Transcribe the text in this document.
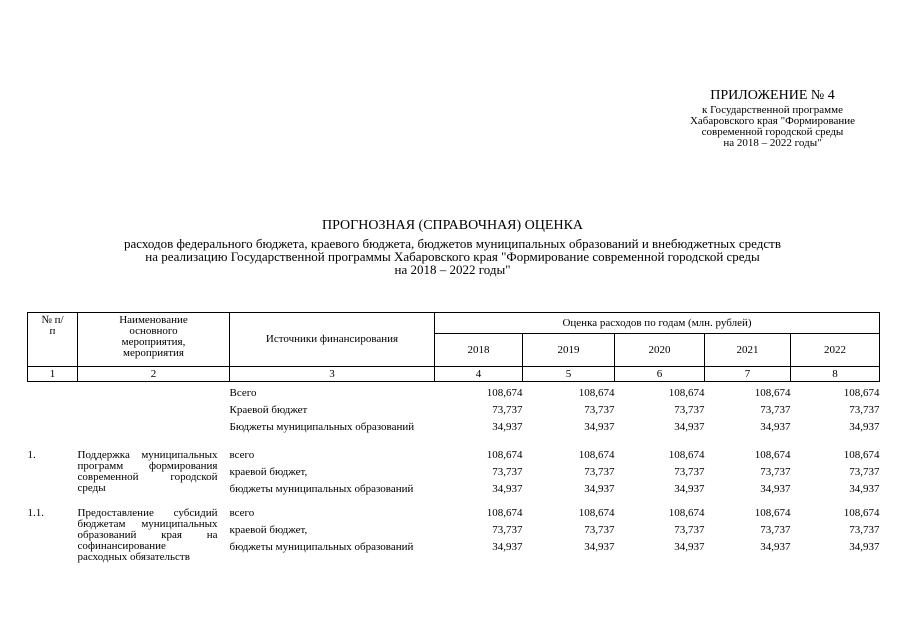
ПРИЛОЖЕНИЕ № 4
к Государственной программе
Хабаровского края "Формирование
современной городской среды
на 2018 – 2022 годы"
ПРОГНОЗНАЯ (СПРАВОЧНАЯ) ОЦЕНКА
расходов федерального бюджета, краевого бюджета, бюджетов муниципальных образований и внебюджетных средств
на реализацию Государственной программы Хабаровского края "Формирование современной городской среды
на 2018 – 2022 годы"
№ п/п	Наименование основного мероприятия, мероприятия	Источники финансирования	Оценка расходов по годам (млн. рублей)				
			2018	2019	2020	2021	2022
1	2	3	4	5	6	7	8
		Всего	108,674	108,674	108,674	108,674	108,674
		Краевой бюджет	73,737	73,737	73,737	73,737	73,737

		Бюджеты муниципальных образований	34,937	34,937	34,937	34,937	34,937
1.	Поддержка муниципальных программ формирования современной городской среды	всего	108,674	108,674	108,674	108,674	108,674
		краевой бюджет,	73,737	73,737	73,737	73,737	73,737

		бюджеты муниципальных образований	34,937	34,937	34,937	34,937	34,937
1.1.	Предоставление субсидий бюджетам муниципальных образований края на софинансирование расходных обязательств	всего	108,674	108,674	108,674	108,674	108,674
		краевой бюджет,	73,737	73,737	73,737	73,737	73,737

		бюджеты муниципальных образований	34,937	34,937	34,937	34,937	34,937
